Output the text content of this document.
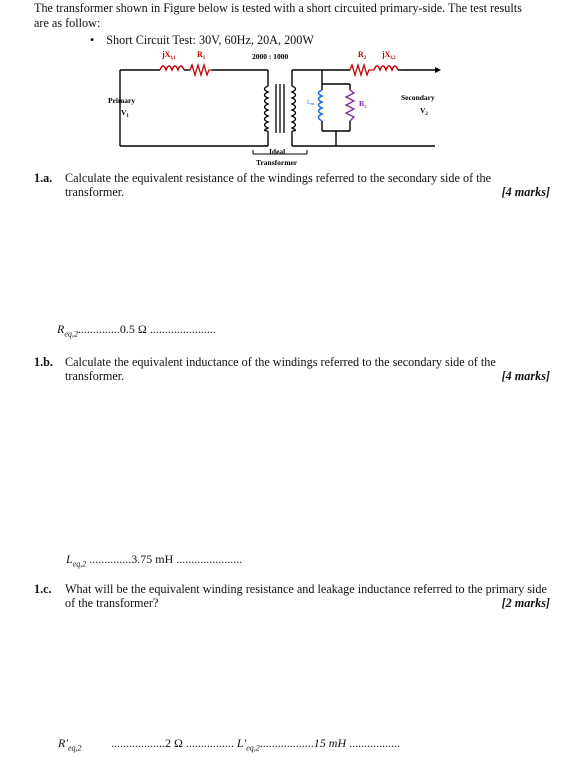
The transformer shown in Figure below is tested with a short circuited primary-side. The test results are as follow:
• Short Circuit Test: 30V, 60Hz, 20A, 200W
$jX_{l,1}$	$R_1$	2000 : 1000	$R_2$ $jX_{l,2}$
Primary
$V_1$
Lm	$R_c$
Secondary
$V_2$
Ideal
Transformer
1.a. Calculate the equivalent resistance of the windings referred to the secondary side of the transformer.	[4 marks]
$R_{eq,2}..............0.5$ Ω ......................
1.b. Calculate the equivalent inductance of the windings referred to the secondary side of the transformer.	[4 marks]
$L_{eq,2}$ ..............3.75 mH ......................
1.c. What will be the equivalent winding resistance and leakage inductance referred to the primary side of the transformer?	[2 marks]
$R'_{eq,2}$ ..................2 Ω ................ $L'_{eq,2}..................15$ mH .................
